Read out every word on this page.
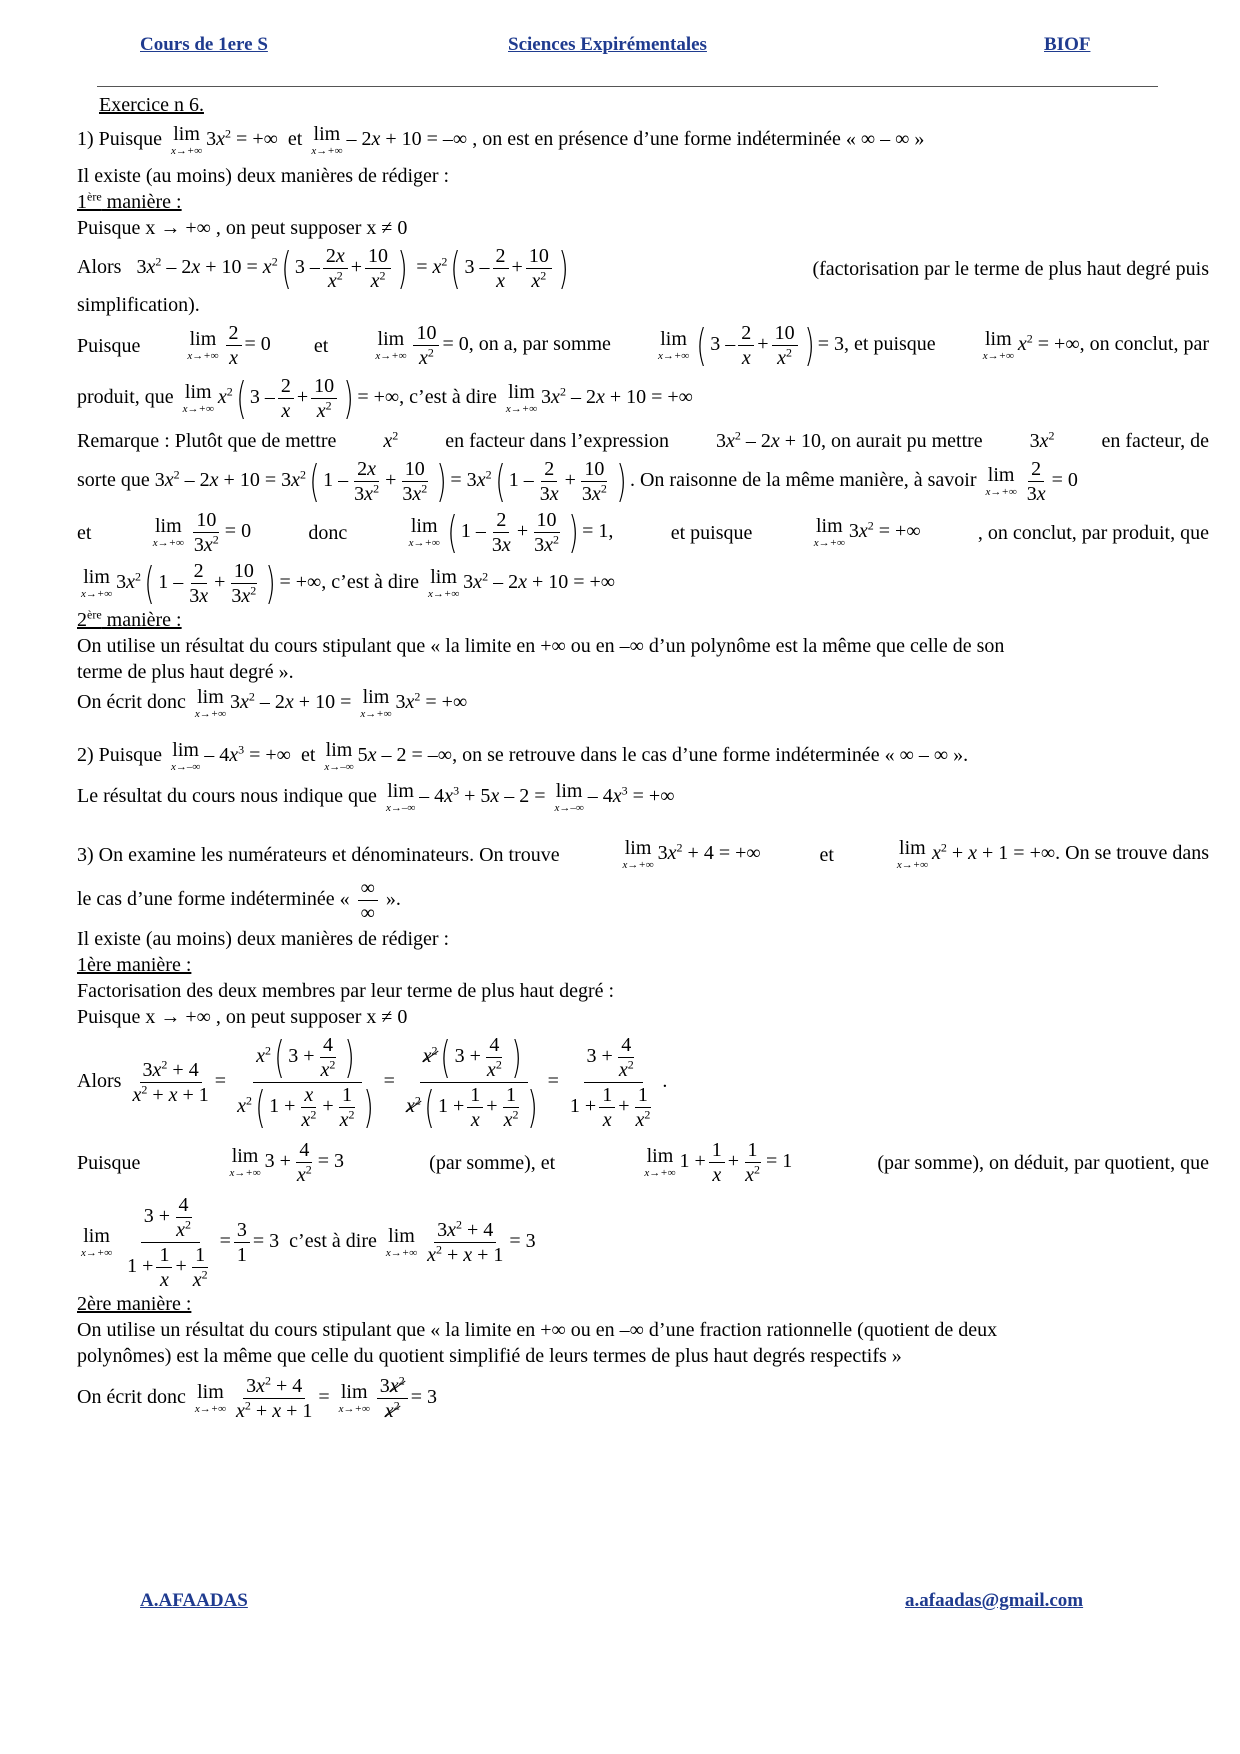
Cours de 1ere S	Sciences Expirémentales	BIOF
Exercice n 6.
1) Puisque lim
x→+∞
$3x^2$ = +∞ et lim
x→+∞
– 2x + 10 = –∞ , on est en présence d’une forme indéterminée « ∞ – ∞ »
Il existe (au moins) deux manières de rédiger :
1ère manière :
Puisque x → +∞ , on peut supposer x ≠ 0
Alors $3x^2 - 2x + 10 = x^2$( $3 - \frac{2x}{x^2} + \frac{10}{x^2}$ ) = $x^2$( $3 - \frac{2}{x} + \frac{10}{x^2}$ )	(factorisation par le terme de plus haut degré puis
simplification).
Puisque lim
$x\to+\infty \frac{2}{x} = 0$ et lim
$x\to+\infty \frac{10}{x^2} = 0$, on a, par somme lim
x→+∞ ( $3 - \frac{2}{x} + \frac{10}{x^2}$ ) = 3, et puisque lim
x→+∞
$x^2$ = +∞, on conclut, par
produit, que lim
x→+∞
$x^2$( $3 - \frac{2}{x} + \frac{10}{x^2}$ ) = +∞, c’est à dire lim
x→+∞
$3x^2 - 2x + 10$ = +∞
Remarque : Plutôt que de mettre $x^2$ en facteur dans l’expression $3x^2 - 2x + 10$, on aurait pu mettre $3x^2$ en facteur, de
sorte que $3x^2 - 2x + 10 = 3x^2$( $1 - \frac{2x}{3x^2} + \frac{10}{3x^2}$ ) = $3x^2$( $1 - \frac{2}{3x} + \frac{10}{3x^2}$ ) . On raisonne de la même manière, à savoir lim
$x\to+\infty \frac{2}{3x} = 0$
et	lim
$x\to+\infty \frac{10}{3x^2} = 0$	donc	lim
x→+∞ ( $1 - \frac{2}{3x} + \frac{10}{3x^2}$ ) = 1,	et puisque	lim
x→+∞
$3x^2$ = +∞	, on conclut, par produit, que
lim
x→+∞
$3x^2$( $1 - \frac{2}{3x} + \frac{10}{3x^2}$ ) = +∞, c’est à dire lim
x→+∞
$3x^2 - 2x + 10$ = +∞
2ère manière :
On utilise un résultat du cours stipulant que « la limite en +∞ ou en –∞ d’un polynôme est la même que celle de son
terme de plus haut degré ».
On écrit donc lim
x→+∞
$3x^2 - 2x + 10 = \lim$
x→+∞
$3x^2$ = +∞
2) Puisque lim
x→–∞
– $4x^3$ = +∞  et lim
x→–∞
5x – 2 = –∞, on se retrouve dans le cas d’une forme indéterminée « ∞ – ∞ ».
Le résultat du cours nous indique que lim
x→–∞
– $4x^3 + 5x - 2 = \lim$
x→–∞
– $4x^3$ = +∞
3) On examine les numérateurs et dénominateurs. On trouve	lim
x→+∞
$3x^2 + 4$ = +∞	et	lim
x→+∞
$x^2 + x + 1$ = +∞. On se trouve dans
le cas d’une forme indéterminée « $\frac{\infty}{\infty}$ ».
Il existe (au moins) deux manières de rédiger :
1ère manière :
Factorisation des deux membres par leur terme de plus haut degré :
Puisque x → +∞ , on peut supposer x ≠ 0
Alors $\frac{3x^2 + 4}{x^2 + x + 1} = \frac{x^2( 3 + \frac{4}{x^2} )}{x^2( 1 + \frac{x}{x^2} + \frac{1}{x^2} )} = \frac{x^2( 3 + \frac{4}{x^2} )}{x^2( 1 + \frac{1}{x} + \frac{1}{x^2} )} = \frac{3 + \frac{4}{x^2}}{1 + \frac{1}{x} + \frac{1}{x^2}}$ .
Puisque	lim
x→+∞
$3 + \frac{4}{x^2} = 3$	(par somme), et	lim
x→+∞
$1 + \frac{1}{x} + \frac{1}{x^2} = 1$	(par somme), on déduit, par quotient, que
lim
x→+∞
$\frac{3 + \frac{4}{x^2}}{1 + \frac{1}{x} + \frac{1}{x^2}} = \frac{3}{1} = 3$  c’est à dire lim
$x\to+\infty \frac{3x^2 + 4}{x^2 + x + 1} = 3$
2ère manière :
On utilise un résultat du cours stipulant que « la limite en +∞ ou en –∞ d’une fraction rationnelle (quotient de deux
polynômes) est la même que celle du quotient simplifié de leurs termes de plus haut degrés respectifs »
On écrit donc lim
$x\to+\infty \frac{3x^2 + 4}{x^2 + x + 1} = \lim$
$x\to+\infty \frac{3x^2}{x^2} = 3$
A.AFAADAS	a.afaadas@gmail.com
